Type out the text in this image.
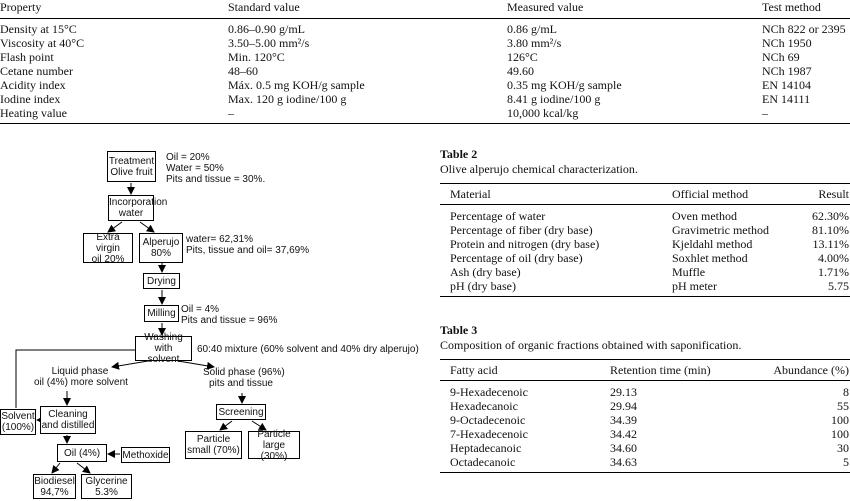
Property	Standard value	Measured value	Test method
Density at 15°C	0.86–0.90 g/mL	0.86 g/mL	NCh 822 or 2395
Viscosity at 40°C	3.50–5.00 mm²/s	3.80 mm²/s	NCh 1950
Flash point	Min. 120°C	126°C	NCh 69
Cetane number	48–60	49.60	NCh 1987
Acidity index	Máx. 0.5 mg KOH/g sample	0.35 mg KOH/g sample	EN 14104
Iodine index	Max. 120 g iodine/100 g	8.41 g iodine/100 g	EN 14111
Heating value	–	10,000 kcal/kg	–
Treatment
Olive fruit
Oil = 20%
Water = 50%
Pits and tissue = 30%.
Incorporation
water
Extra virgin
oil 20%
Alperujo
80%
water= 62,31%
Pits, tissue and oil= 37,69%
Drying
Milling Oil = 4%
Pits and tissue = 96%
Washing with
solvent
60:40 mixture (60% solvent and 40% dry alperujo)
Liquid phase
oil (4%) more solvent
Solid phase (96%)
pits and tissue
Solvent
(100%)
Cleaning
and distilled
Screening
Particle
small (70%)
Particle
large (30%)
Oil (4%)	Methoxide
Biodiesel
94,7%
Glycerine
5.3%
Table 2
Olive alperujo chemical characterization.
Material	Official method	Result
Percentage of water	Oven method	62.30%
Percentage of fiber (dry base)	Gravimetric method	81.10%
Protein and nitrogen (dry base)	Kjeldahl method	13.11%
Percentage of oil (dry base)	Soxhlet method	4.00%
Ash (dry base)	Muffle	1.71%
pH (dry base)	pH meter	5.75
Table 3
Composition of organic fractions obtained with saponification.
Fatty acid	Retention time (min)	Abundance (%)
9-Hexadecenoic	29.13	8
Hexadecanoic	29.94	55
9-Octadecenoic	34.39	100
7-Hexadecenoic	34.42	100
Heptadecanoic	34.60	30
Octadecanoic	34.63	5
